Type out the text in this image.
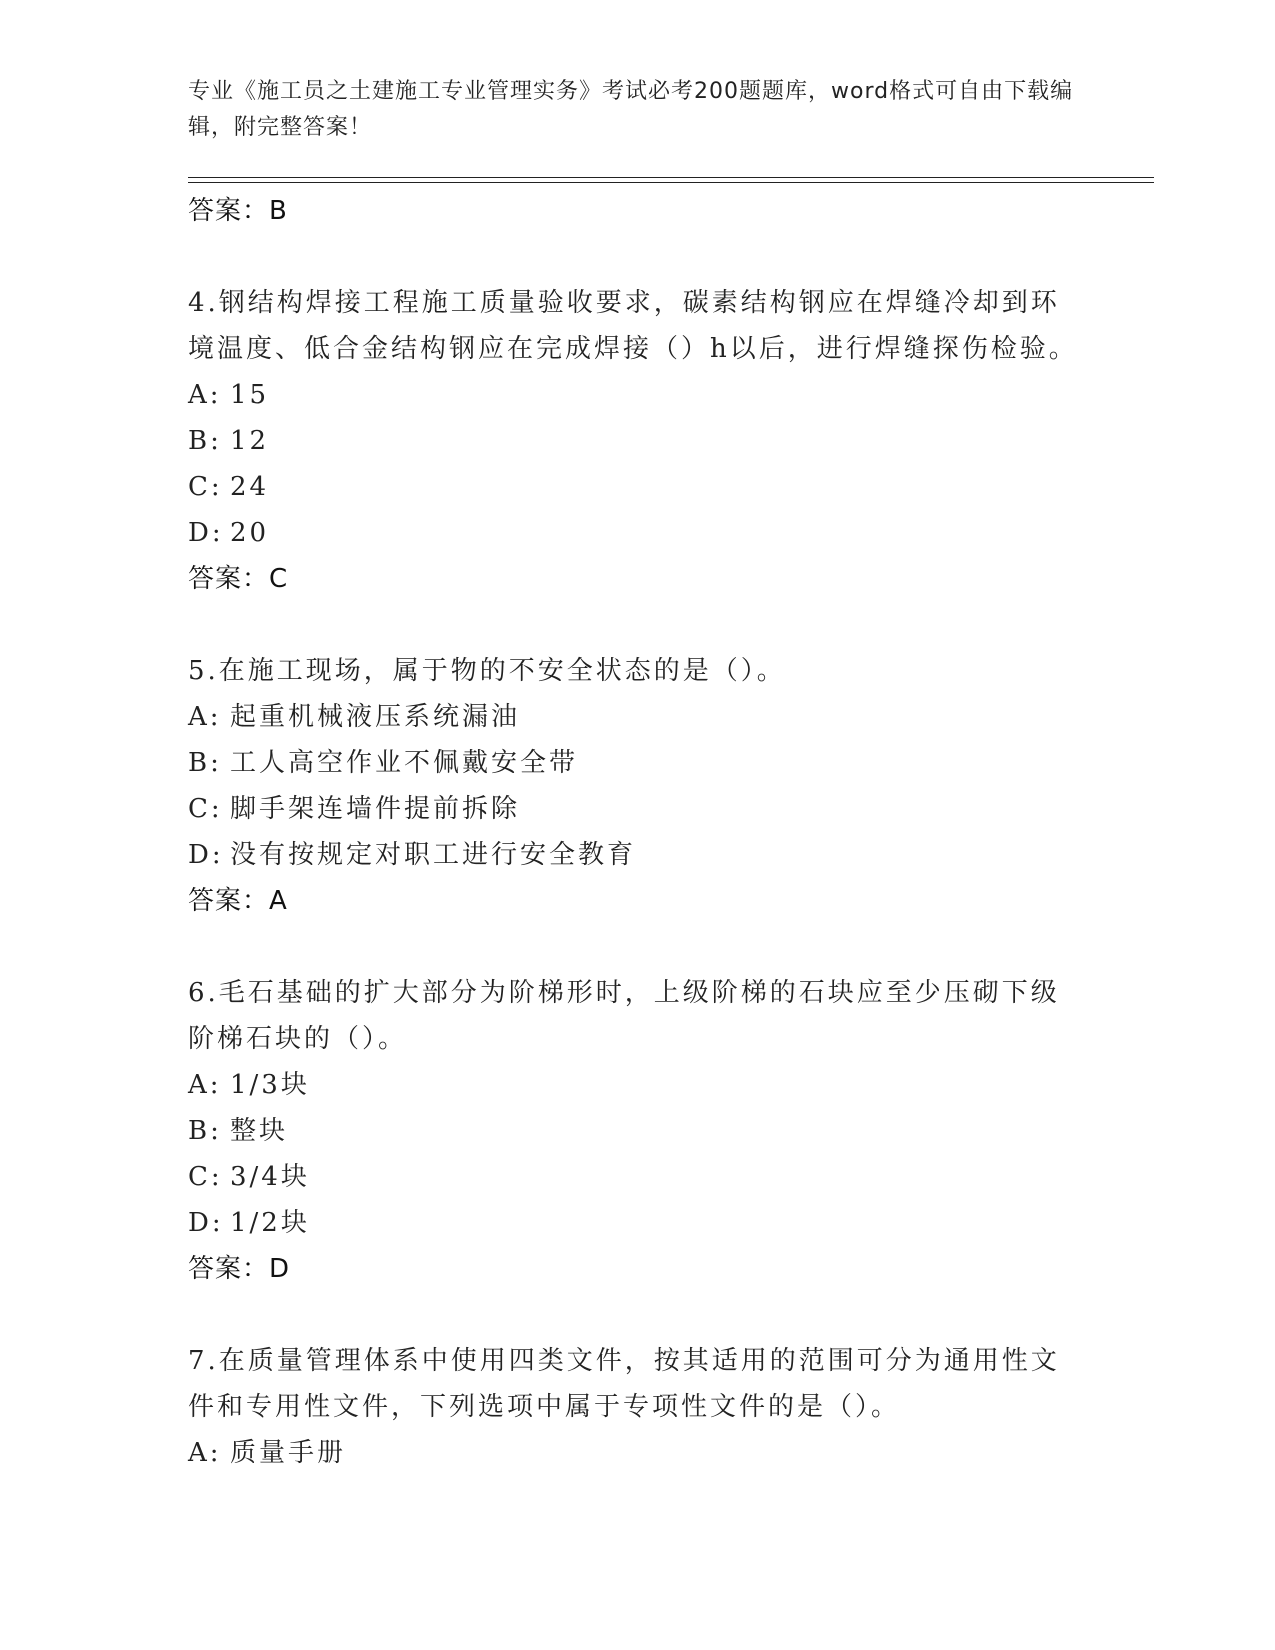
专业《施工员之土建施工专业管理实务》考试必考200题题库，word格式可自由下载编辑，附完整答案！

答案：B

4.钢结构焊接工程施工质量验收要求，碳素结构钢应在焊缝冷却到环境温度、低合金结构钢应在完成焊接（）h以后，进行焊缝探伤检验。

A: 15

B: 12

C: 24

D: 20

答案：C

5.在施工现场，属于物的不安全状态的是（）。

A: 起重机械液压系统漏油

B: 工人高空作业不佩戴安全带

C: 脚手架连墙件提前拆除

D: 没有按规定对职工进行安全教育

答案：A

6.毛石基础的扩大部分为阶梯形时，上级阶梯的石块应至少压砌下级阶梯石块的（）。

A: 1/3块

B: 整块

C: 3/4块

D: 1/2块

答案：D

7.在质量管理体系中使用四类文件，按其适用的范围可分为通用性文件和专用性文件，下列选项中属于专项性文件的是（）。

A: 质量手册
